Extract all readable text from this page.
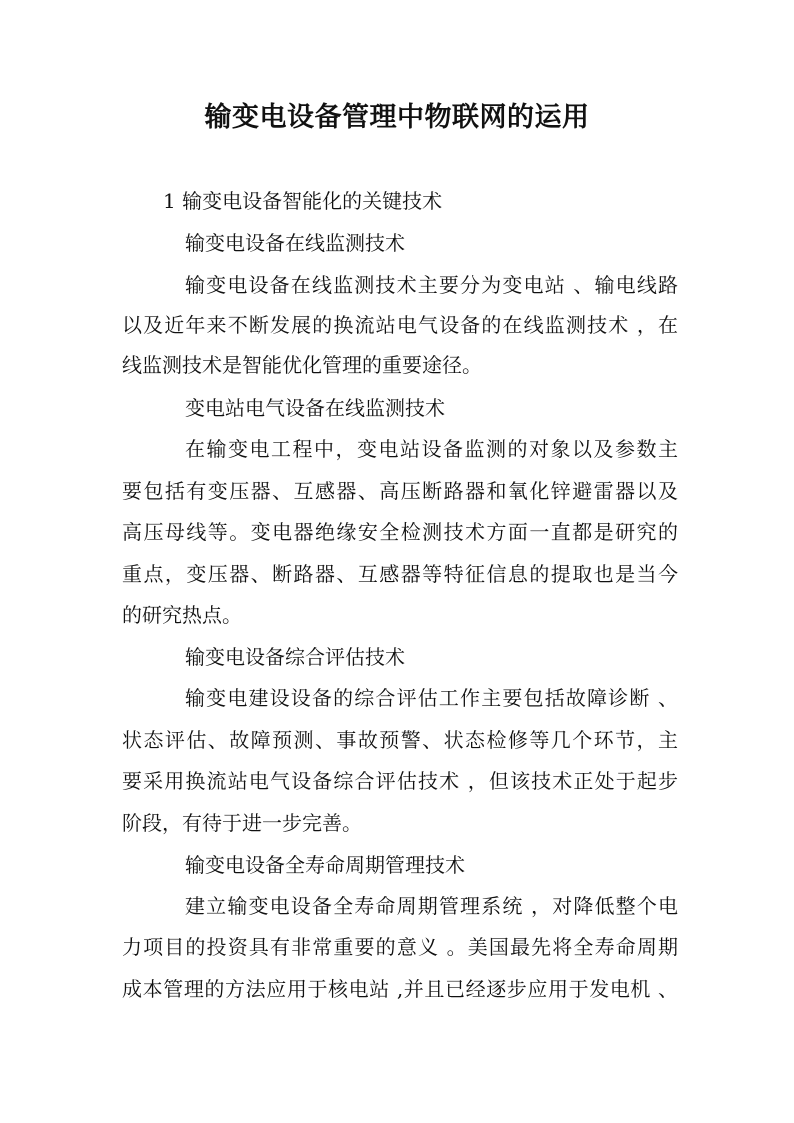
输变电设备管理中物联网的运用

1 输变电设备智能化的关键技术

输变电设备在线监测技术

输变电设备在线监测技术主要分为变电站 、输电线路

以及近年来不断发展的换流站电气设备的在线监测技术 ，在

线监测技术是智能优化管理的重要途径。

变电站电气设备在线监测技术

在输变电工程中，变电站设备监测的对象以及参数主

要包括有变压器、互感器、高压断路器和氧化锌避雷器以及

高压母线等。变电器绝缘安全检测技术方面一直都是研究的

重点，变压器、断路器、互感器等特征信息的提取也是当今

的研究热点。

输变电设备综合评估技术

输变电建设设备的综合评估工作主要包括故障诊断 、

状态评估、故障预测、事故预警、状态检修等几个环节，主

要采用换流站电气设备综合评估技术 ，但该技术正处于起步

阶段，有待于进一步完善。

输变电设备全寿命周期管理技术

建立输变电设备全寿命周期管理系统 ，对降低整个电

力项目的投资具有非常重要的意义 。美国最先将全寿命周期

成本管理的方法应用于核电站 ,并且已经逐步应用于发电机 、
